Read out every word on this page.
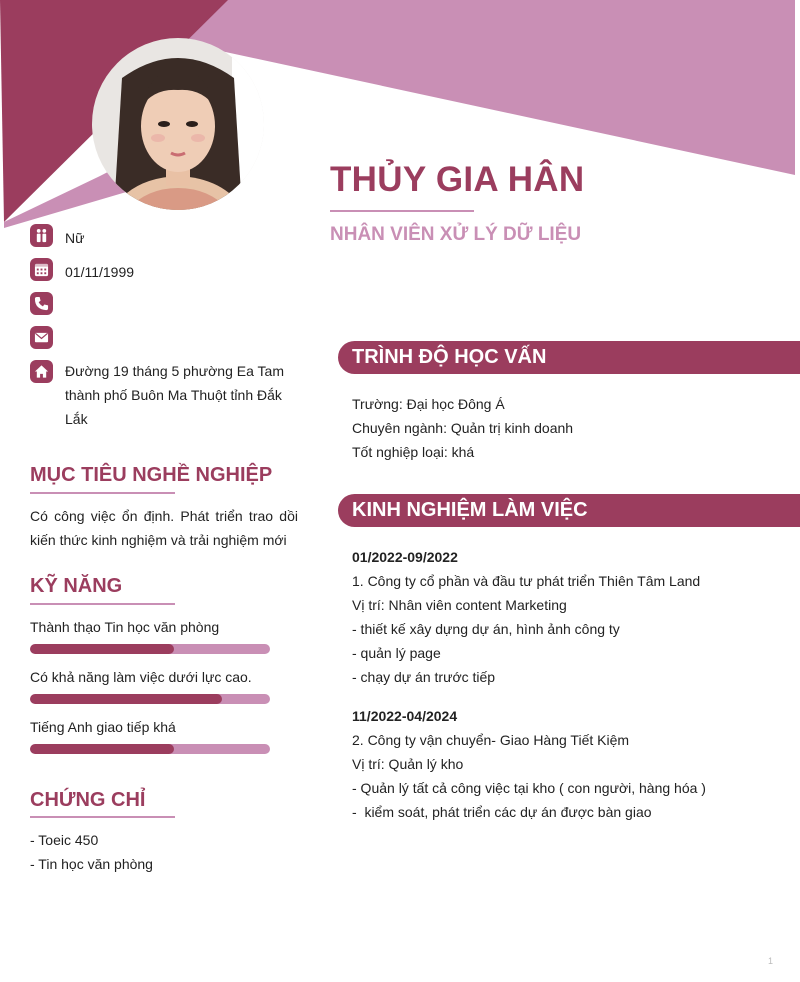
THỦY GIA HÂN
NHÂN VIÊN XỬ LÝ DỮ LIỆU
Nữ
01/11/1999
Đường 19 tháng 5 phường Ea Tam thành phố Buôn Ma Thuột tỉnh Đắk Lắk
MỤC TIÊU NGHỀ NGHIỆP
Có công việc ổn định. Phát triển trao dồi kiến thức kinh nghiệm và trải nghiệm mới
KỸ NĂNG
Thành thạo Tin học văn phòng
Có khả năng làm việc dưới lực cao.
Tiếng Anh giao tiếp khá
CHỨNG CHỈ
- Toeic 450
- Tin học văn phòng
TRÌNH ĐỘ HỌC VẤN
Trường: Đại học Đông Á
Chuyên ngành: Quản trị kinh doanh
Tốt nghiệp loại: khá
KINH NGHIỆM LÀM VIỆC
01/2022-09/2022
1. Công ty cổ phần và đầu tư phát triển Thiên Tâm Land
Vị trí: Nhân viên content Marketing
- thiết kế xây dựng dự án, hình ảnh công ty
- quản lý page
- chạy dự án trước tiếp
11/2022-04/2024
2. Công ty vận chuyển- Giao Hàng Tiết Kiệm
Vị trí: Quản lý kho
- Quản lý tất cả công việc tại kho ( con người, hàng hóa )
-  kiểm soát, phát triển các dự án được bàn giao
1
